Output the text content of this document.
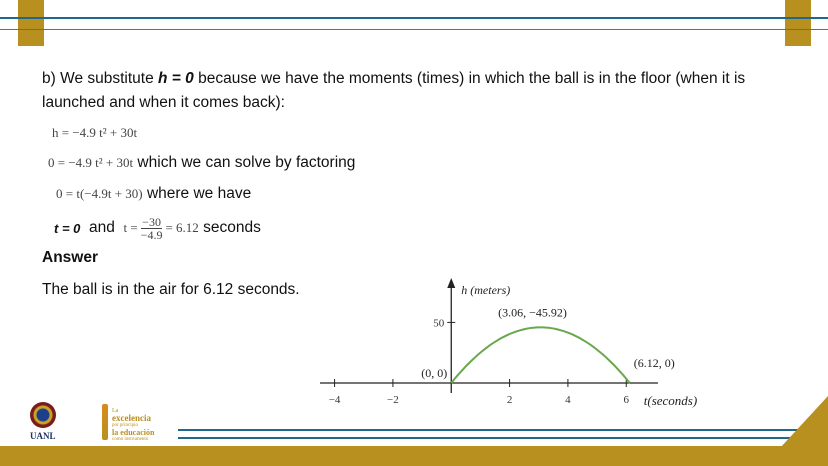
b) We substitute h = 0 because we have the moments (times) in which the ball is in the floor (when it is launched and when it comes back):
h = −4.9 t² + 30t
0 = −4.9 t² + 30t which we can solve by factoring
0 = t(−4.9t + 30) where we have
t = 0 and $t = \frac{-30}{-4.9} = 6.12$ seconds
Answer
The ball is in the air for 6.12 seconds.
−4	−2	2	4	6
50
(0, 0)
(3.06, −45.92)
(6.12, 0)
h (meters)
t(seconds)
UANL
La
excelencia
por principio
la educación
como instrumento
